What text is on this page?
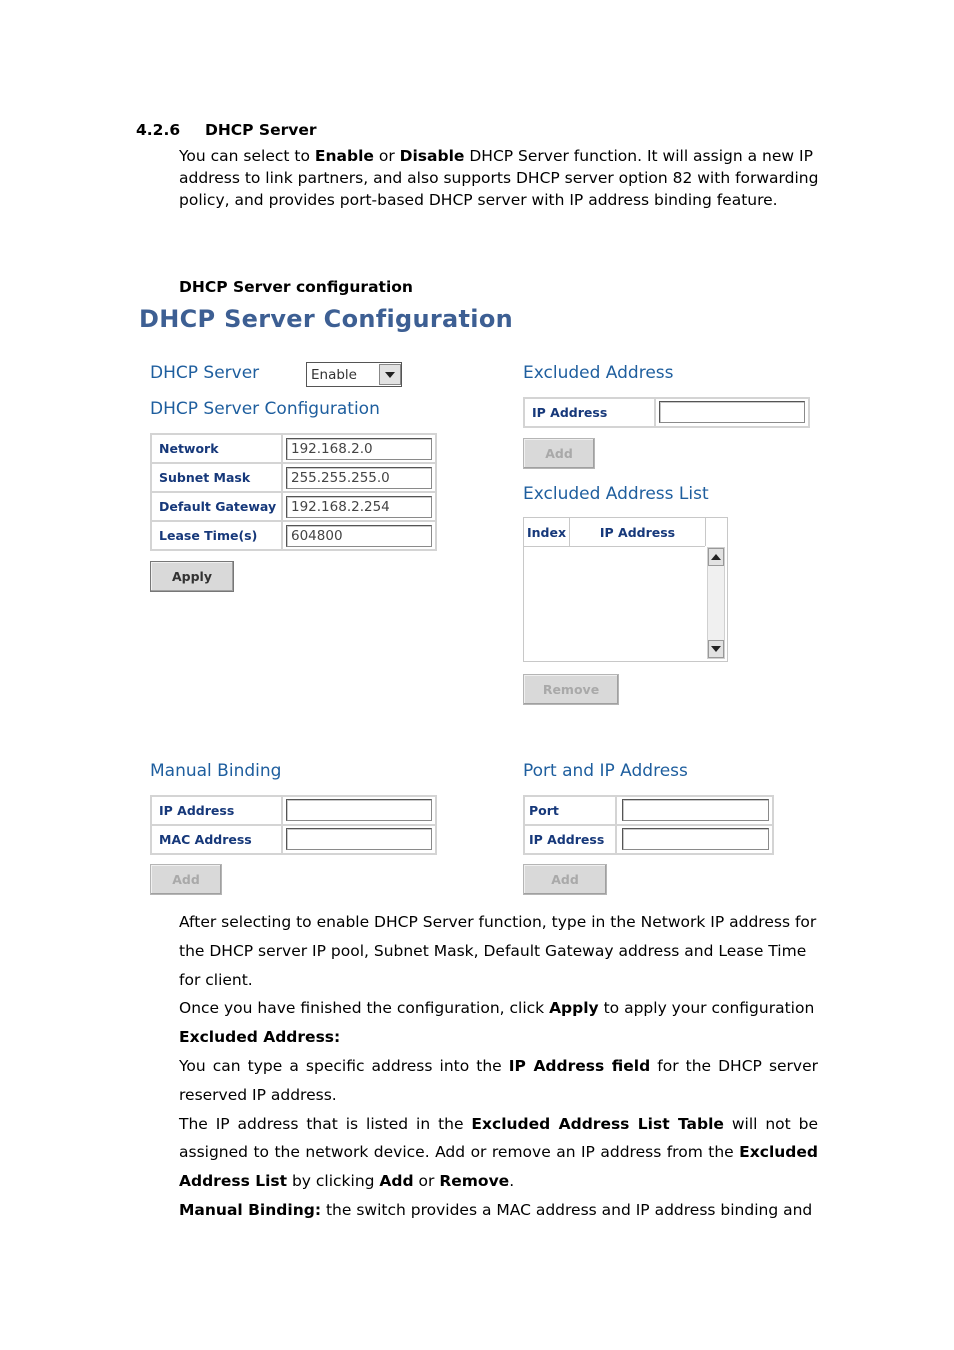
4.2.6 DHCP Server
You can select to Enable or Disable DHCP Server function. It will assign a new IP address to link partners, and also supports DHCP server option 82 with forwarding policy, and provides port-based DHCP server with IP address binding feature.
DHCP Server configuration
DHCP Server Configuration
DHCP Server	Enable
DHCP Server Configuration
Network	192.168.2.0
Subnet Mask	255.255.255.0
Default Gateway	192.168.2.254
Lease Time(s)	604800
Apply
Excluded Address
IP Address
Add
Excluded Address List
Index	IP Address
Remove
Manual Binding
IP Address
MAC Address
Add
Port and IP Address
Port
IP Address
Add
After selecting to enable DHCP Server function, type in the Network IP address for the DHCP server IP pool, Subnet Mask, Default Gateway address and Lease Time for client.
Once you have finished the configuration, click Apply to apply your configuration
Excluded Address:
You can type a specific address into the IP Address field for the DHCP server reserved IP address.
The IP address that is listed in the Excluded Address List Table will not be assigned to the network device. Add or remove an IP address from the Excluded Address List by clicking Add or Remove.
Manual Binding: the switch provides a MAC address and IP address binding and
